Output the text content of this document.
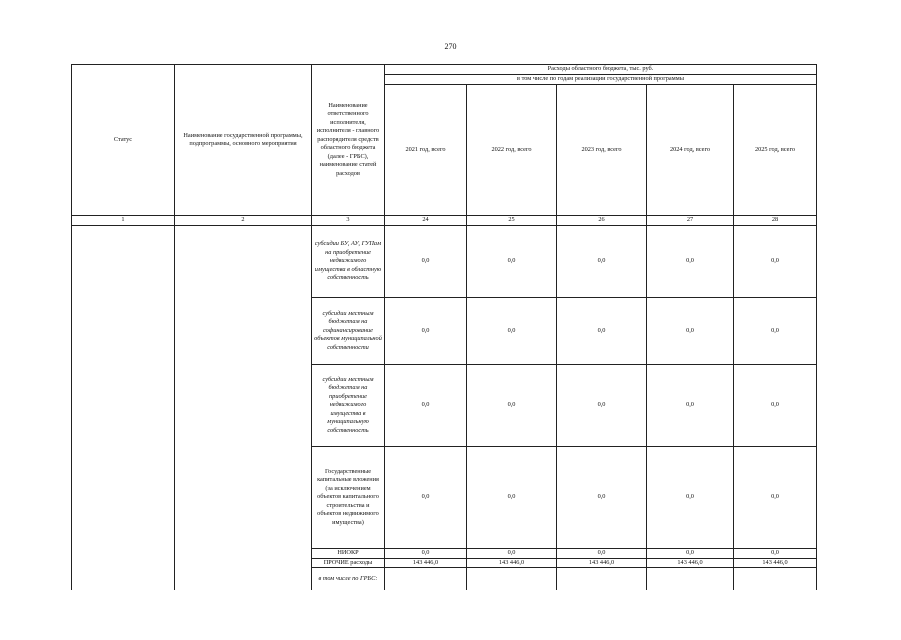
270
Статус	Наименование государственной программы, подпрограммы, основного мероприятия	Наименование ответственного исполнителя, исполнителя - главного распорядителя средств областного бюджета (далее - ГРБС), наименование статей расходов	Расходы областного бюджета, тыс. руб.				
			в том числе по годам реализации государственной программы				
			2021 год, всего	2022 год, всего	2023 год, всего	2024 год, всего	2025 год, всего
1	2	3	24	25	26	27	28
		субсидии БУ, АУ, ГУПам на приобретение недвижимого имущества в областную собственность	0,0	0,0	0,0	0,0	0,0
		субсидии местным бюджетам на софинансирование объектов муниципальной собственности	0,0	0,0	0,0	0,0	0,0
		субсидии местным бюджетам на приобретение недвижимого имущества в муниципальную собственность	0,0	0,0	0,0	0,0	0,0
		Государственные капитальные вложения (за исключением объектов капитального строительства и объектов недвижимого имущества)	0,0	0,0	0,0	0,0	0,0
		НИОКР	0,0	0,0	0,0	0,0	0,0
		ПРОЧИЕ расходы	143 446,0	143 446,0	143 446,0	143 446,0	143 446,0
		в том числе по ГРБС:					
